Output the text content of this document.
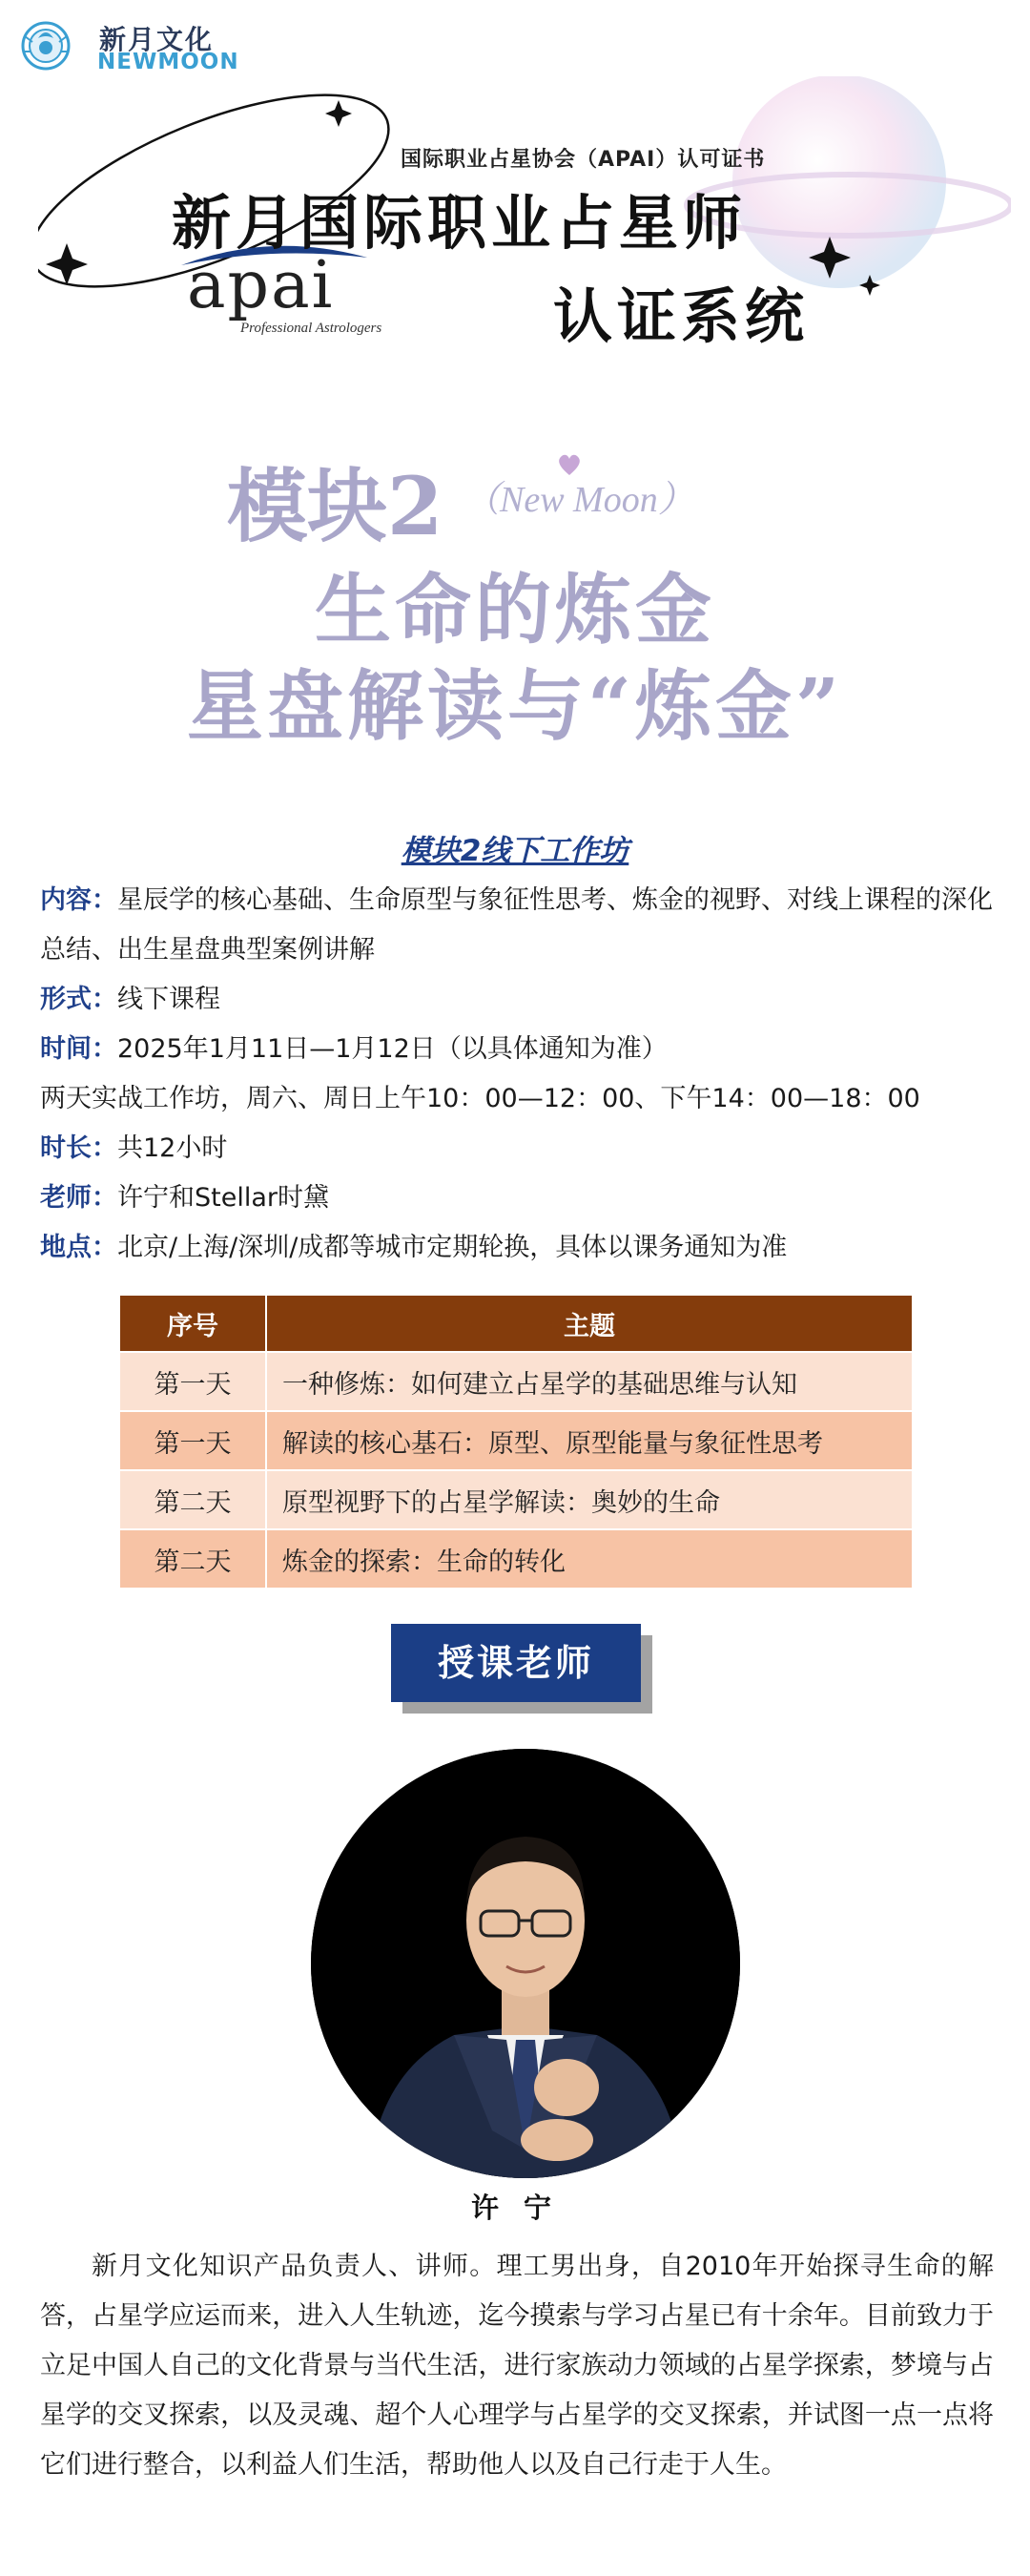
新月文化
NEWMOON
国际职业占星协会（APAI）认可证书
新月国际职业占星师
认证系统
apai
Professional Astrologers
模块2 （New Moon）
生命的炼金
星盘解读与“炼金”
模块2线下工作坊
内容：星辰学的核心基础、生命原型与象征性思考、炼金的视野、对线上课程的深化总结、出生星盘典型案例讲解
形式：线下课程
时间：2025年1月11日—1月12日（以具体通知为准）
两天实战工作坊，周六、周日上午10：00—12：00、下午14：00—18：00
时长：共12小时
老师：许宁和Stellar时黛
地点：北京/上海/深圳/成都等城市定期轮换，具体以课务通知为准
序号	主题
第一天	一种修炼：如何建立占星学的基础思维与认知
第一天	解读的核心基石：原型、原型能量与象征性思考
第二天	原型视野下的占星学解读：奥妙的生命
第二天	炼金的探索：生命的转化
授课老师
许 宁

新月文化知识产品负责人、讲师。理工男出身，自2010年开始探寻生命的解答，占星学应运而来，进入人生轨迹，迄今摸索与学习占星已有十余年。目前致力于立足中国人自己的文化背景与当代生活，进行家族动力领域的占星学探索，梦境与占星学的交叉探索，以及灵魂、超个人心理学与占星学的交叉探索，并试图一点一点将它们进行整合，以利益人们生活，帮助他人以及自己行走于人生。
